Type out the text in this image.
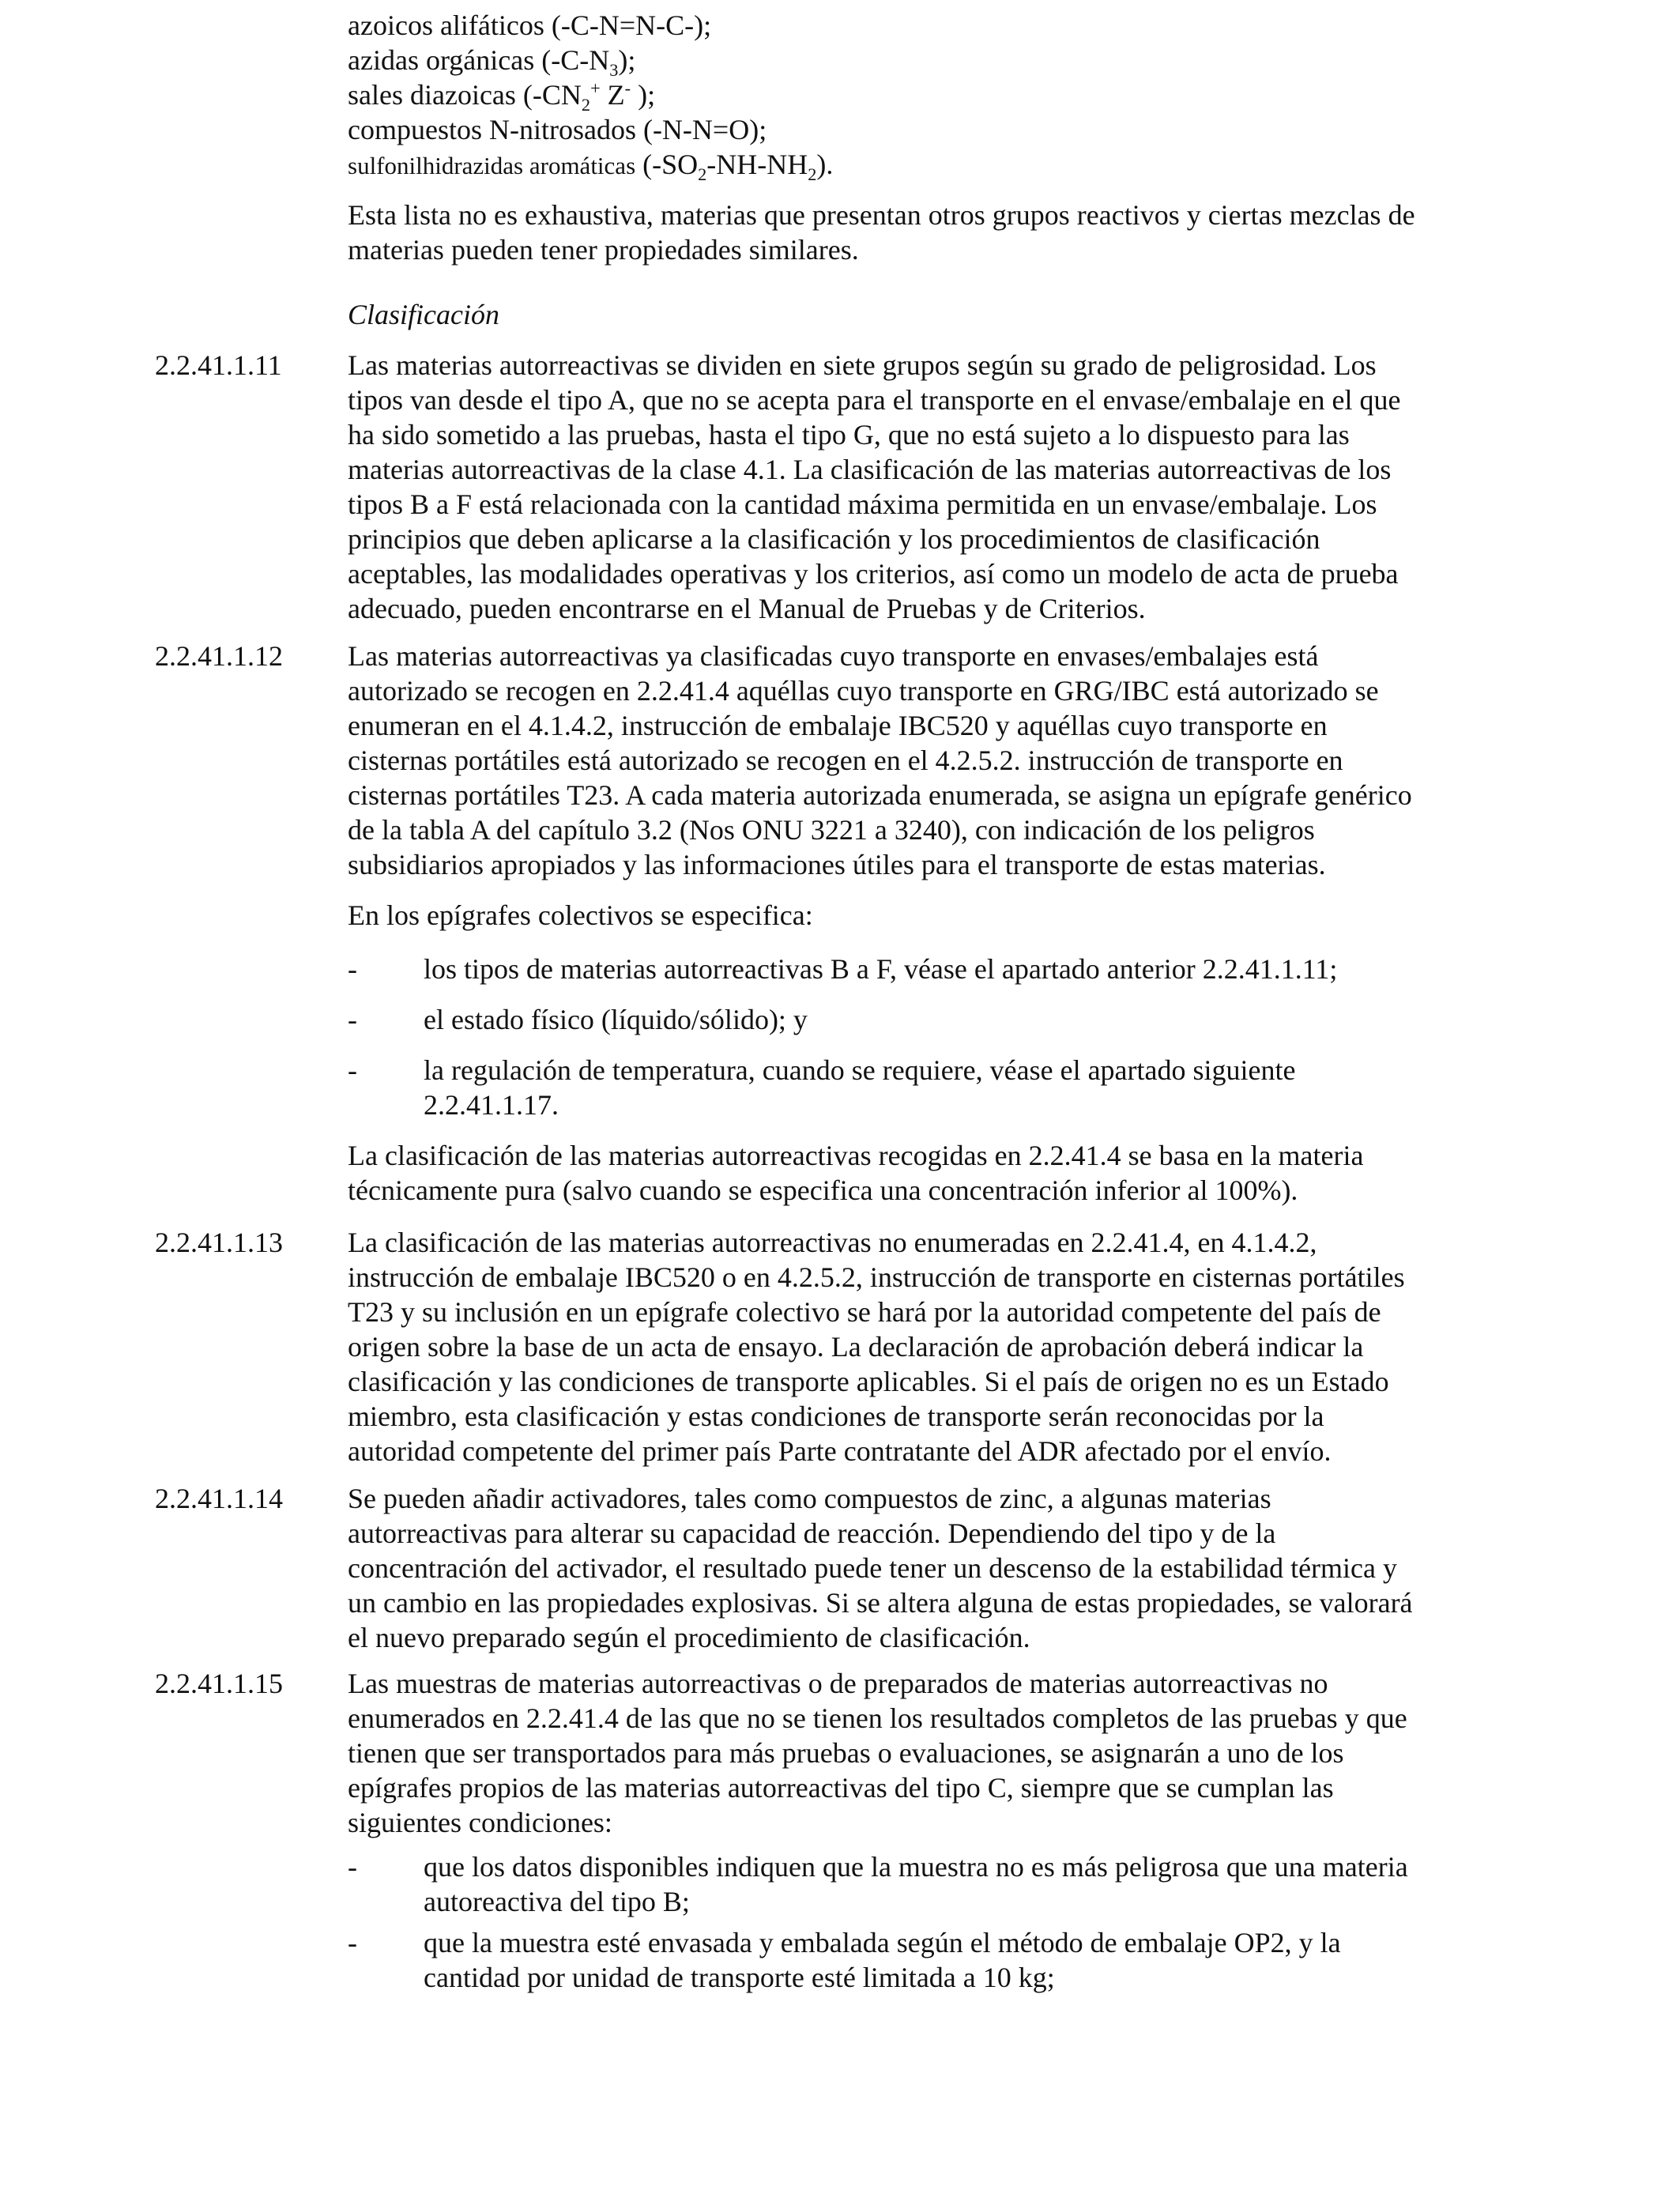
azoicos alifáticos (-C-N=N-C-);
azidas orgánicas $(-C-N_3)$;
sales diazoicas ($-CN_2^+$ Z- );
compuestos N-nitrosados (-N-N=O);
sulfonilhidrazidas aromáticas $(-SO_2-NH-NH_2)$.
Esta lista no es exhaustiva, materias que presentan otros grupos reactivos y ciertas mezclas de
materias pueden tener propiedades similares.
Clasificación
2.2.41.1.11	Las materias autorreactivas se dividen en siete grupos según su grado de peligrosidad. Los
tipos van desde el tipo A, que no se acepta para el transporte en el envase/embalaje en el que
ha sido sometido a las pruebas, hasta el tipo G, que no está sujeto a lo dispuesto para las
materias autorreactivas de la clase 4.1. La clasificación de las materias autorreactivas de los
tipos B a F está relacionada con la cantidad máxima permitida en un envase/embalaje. Los
principios que deben aplicarse a la clasificación y los procedimientos de clasificación
aceptables, las modalidades operativas y los criterios, así como un modelo de acta de prueba
adecuado, pueden encontrarse en el Manual de Pruebas y de Criterios.
2.2.41.1.12	Las materias autorreactivas ya clasificadas cuyo transporte en envases/embalajes está
autorizado se recogen en 2.2.41.4 aquéllas cuyo transporte en GRG/IBC está autorizado se
enumeran en el 4.1.4.2, instrucción de embalaje IBC520 y aquéllas cuyo transporte en
cisternas portátiles está autorizado se recogen en el 4.2.5.2. instrucción de transporte en
cisternas portátiles T23. A cada materia autorizada enumerada, se asigna un epígrafe genérico
de la tabla A del capítulo 3.2 (Nos ONU 3221 a 3240), con indicación de los peligros
subsidiarios apropiados y las informaciones útiles para el transporte de estas materias.
En los epígrafes colectivos se especifica:
- los tipos de materias autorreactivas B a F, véase el apartado anterior 2.2.41.1.11;
- el estado físico (líquido/sólido); y
- la regulación de temperatura, cuando se requiere, véase el apartado siguiente
2.2.41.1.17.
La clasificación de las materias autorreactivas recogidas en 2.2.41.4 se basa en la materia
técnicamente pura (salvo cuando se especifica una concentración inferior al 100%).
2.2.41.1.13	La clasificación de las materias autorreactivas no enumeradas en 2.2.41.4, en 4.1.4.2,
instrucción de embalaje IBC520 o en 4.2.5.2, instrucción de transporte en cisternas portátiles
T23 y su inclusión en un epígrafe colectivo se hará por la autoridad competente del país de
origen sobre la base de un acta de ensayo. La declaración de aprobación deberá indicar la
clasificación y las condiciones de transporte aplicables. Si el país de origen no es un Estado
miembro, esta clasificación y estas condiciones de transporte serán reconocidas por la
autoridad competente del primer país Parte contratante del ADR afectado por el envío.
2.2.41.1.14	Se pueden añadir activadores, tales como compuestos de zinc, a algunas materias
autorreactivas para alterar su capacidad de reacción. Dependiendo del tipo y de la
concentración del activador, el resultado puede tener un descenso de la estabilidad térmica y
un cambio en las propiedades explosivas. Si se altera alguna de estas propiedades, se valorará
el nuevo preparado según el procedimiento de clasificación.
2.2.41.1.15	Las muestras de materias autorreactivas o de preparados de materias autorreactivas no
enumerados en 2.2.41.4 de las que no se tienen los resultados completos de las pruebas y que
tienen que ser transportados para más pruebas o evaluaciones, se asignarán a uno de los
epígrafes propios de las materias autorreactivas del tipo C, siempre que se cumplan las
siguientes condiciones:
- que los datos disponibles indiquen que la muestra no es más peligrosa que una materia
autoreactiva del tipo B;
- que la muestra esté envasada y embalada según el método de embalaje OP2, y la
cantidad por unidad de transporte esté limitada a 10 kg;
